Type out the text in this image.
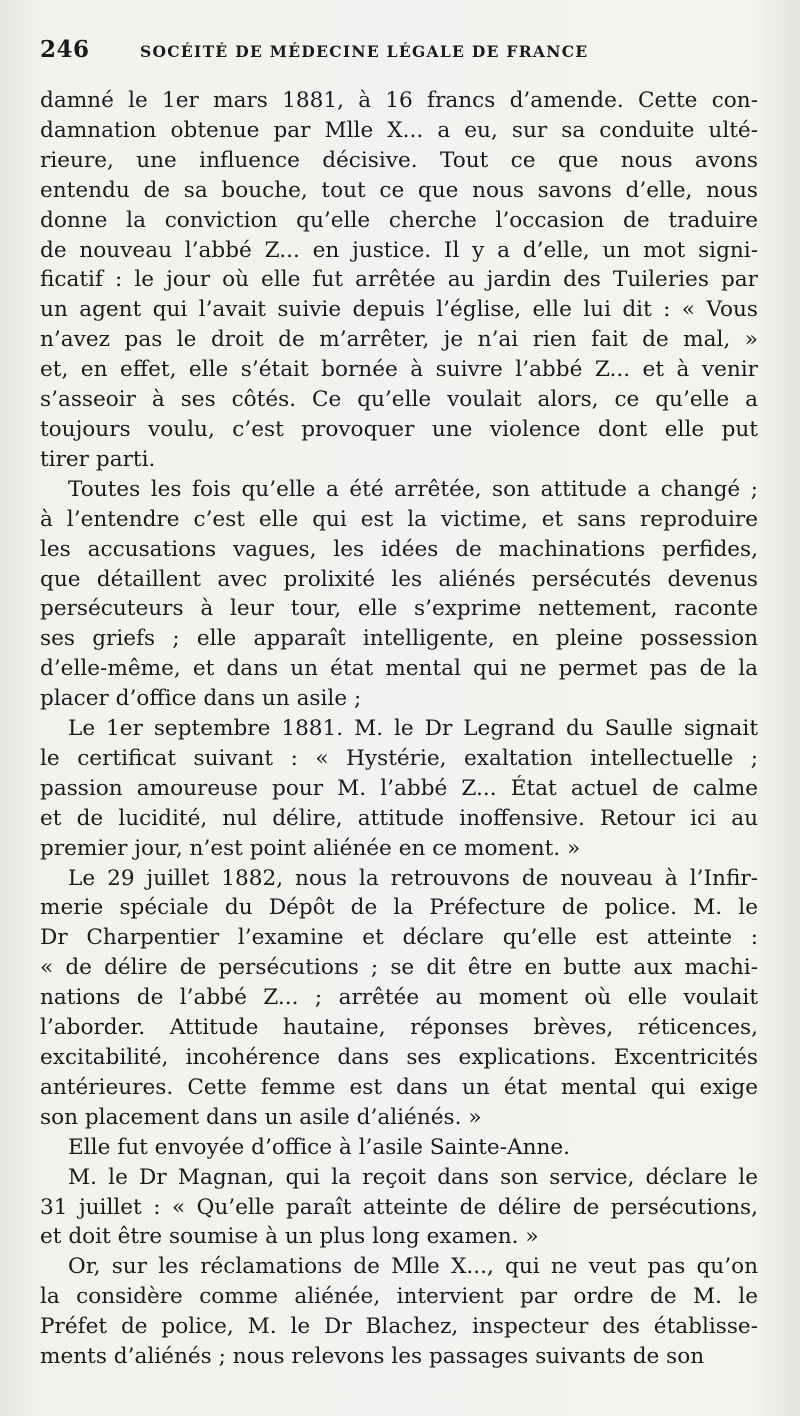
246	SOCÉITÉ DE MÉDECINE LÉGALE DE FRANCE
damné le 1er mars 1881, à 16 francs d’amende. Cette con-
damnation obtenue par Mlle X... a eu, sur sa conduite ulté-
rieure, une influence décisive. Tout ce que nous avons
entendu de sa bouche, tout ce que nous savons d’elle, nous
donne la conviction qu’elle cherche l’occasion de traduire
de nouveau l’abbé Z... en justice. Il y a d’elle, un mot signi-
ficatif : le jour où elle fut arrêtée au jardin des Tuileries par
un agent qui l’avait suivie depuis l’église, elle lui dit : « Vous
n’avez pas le droit de m’arrêter, je n’ai rien fait de mal, »
et, en effet, elle s’était bornée à suivre l’abbé Z... et à venir
s’asseoir à ses côtés. Ce qu’elle voulait alors, ce qu’elle a
toujours voulu, c’est provoquer une violence dont elle put
tirer parti.
Toutes les fois qu’elle a été arrêtée, son attitude a changé ;
à l’entendre c’est elle qui est la victime, et sans reproduire
les accusations vagues, les idées de machinations perfides,
que détaillent avec prolixité les aliénés persécutés devenus
persécuteurs à leur tour, elle s’exprime nettement, raconte
ses griefs ; elle apparaît intelligente, en pleine possession
d’elle-même, et dans un état mental qui ne permet pas de la
placer d’office dans un asile ;
Le 1er septembre 1881. M. le Dr Legrand du Saulle signait
le certificat suivant : « Hystérie, exaltation intellectuelle ;
passion amoureuse pour M. l’abbé Z... État actuel de calme
et de lucidité, nul délire, attitude inoffensive. Retour ici au
premier jour, n’est point aliénée en ce moment. »
Le 29 juillet 1882, nous la retrouvons de nouveau à l’Infir-
merie spéciale du Dépôt de la Préfecture de police. M. le
Dr Charpentier l’examine et déclare qu’elle est atteinte :
« de délire de persécutions ; se dit être en butte aux machi-
nations de l’abbé Z... ; arrêtée au moment où elle voulait
l’aborder. Attitude hautaine, réponses brèves, réticences,
excitabilité, incohérence dans ses explications. Excentricités
antérieures. Cette femme est dans un état mental qui exige
son placement dans un asile d’aliénés. »
Elle fut envoyée d’office à l’asile Sainte-Anne.
M. le Dr Magnan, qui la reçoit dans son service, déclare le
31 juillet : « Qu’elle paraît atteinte de délire de persécutions,
et doit être soumise à un plus long examen. »
Or, sur les réclamations de Mlle X..., qui ne veut pas qu’on
la considère comme aliénée, intervient par ordre de M. le
Préfet de police, M. le Dr Blachez, inspecteur des établisse-
ments d’aliénés ; nous relevons les passages suivants de son
